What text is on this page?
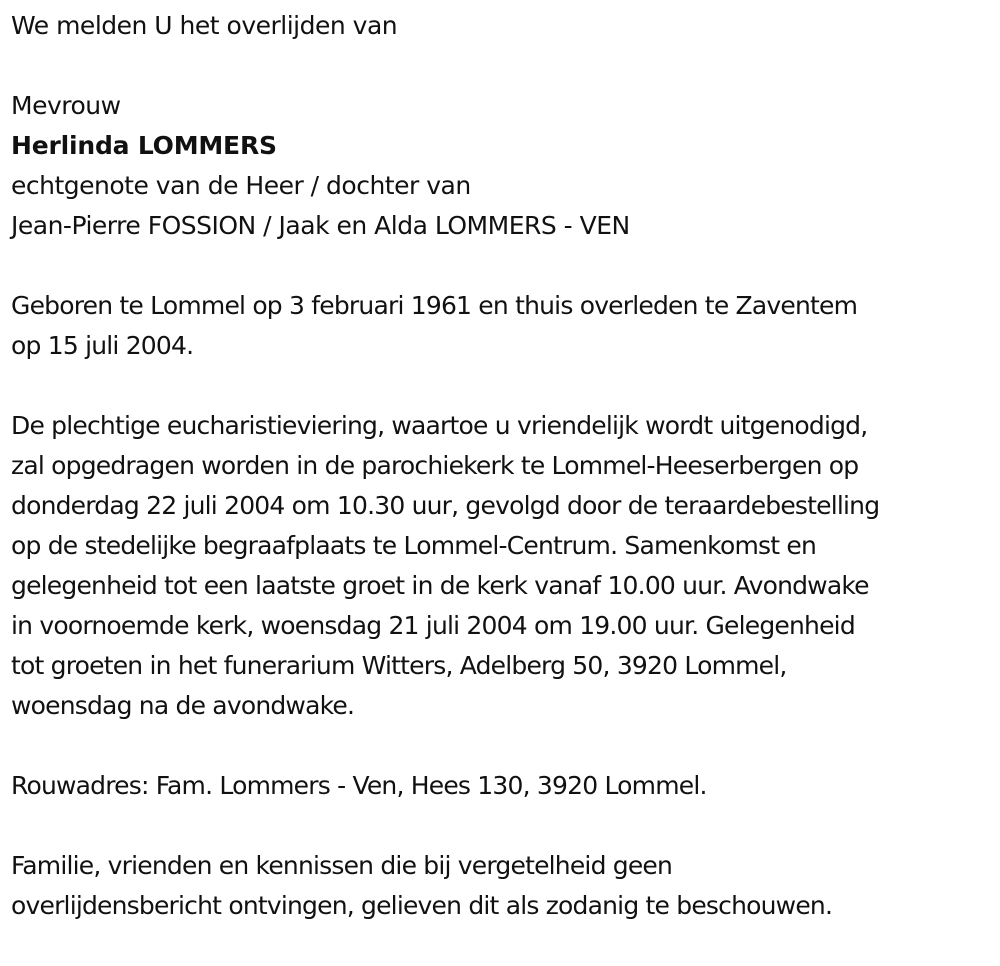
We melden U het overlijden van

Mevrouw

Herlinda LOMMERS

echtgenote van de Heer / dochter van

Jean-Pierre FOSSION / Jaak en Alda LOMMERS - VEN

Geboren te Lommel op 3 februari 1961 en thuis overleden te Zaventem
op 15 juli 2004.
De plechtige eucharistieviering, waartoe u vriendelijk wordt uitgenodigd,
zal opgedragen worden in de parochiekerk te Lommel-Heeserbergen op
donderdag 22 juli 2004 om 10.30 uur, gevolgd door de teraardebestelling
op de stedelijke begraafplaats te Lommel-Centrum. Samenkomst en
gelegenheid tot een laatste groet in de kerk vanaf 10.00 uur. Avondwake
in voornoemde kerk, woensdag 21 juli 2004 om 19.00 uur. Gelegenheid
tot groeten in het funerarium Witters, Adelberg 50, 3920 Lommel,
woensdag na de avondwake.

Rouwadres: Fam. Lommers - Ven, Hees 130, 3920 Lommel.

Familie, vrienden en kennissen die bij vergetelheid geen
overlijdensbericht ontvingen, gelieven dit als zodanig te beschouwen.
